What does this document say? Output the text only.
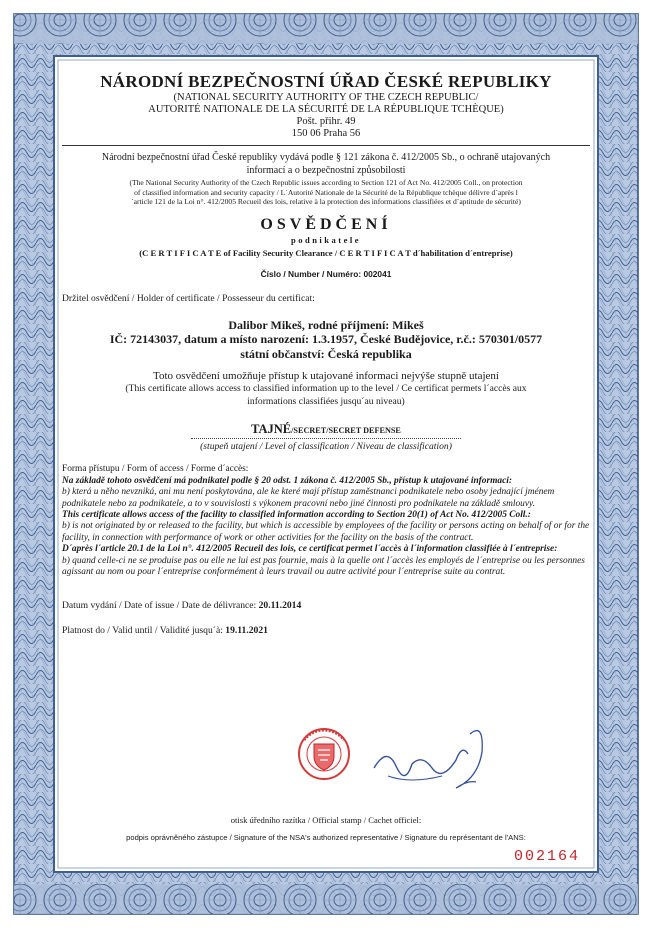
NÁRODNÍ BEZPEČNOSTNÍ ÚŘAD ČESKÉ REPUBLIKY
(NATIONAL SECURITY AUTHORITY OF THE CZECH REPUBLIC/
AUTORITÉ NATIONALE DE LA SÉCURITÉ DE LA RÉPUBLIQUE TCHÈQUE)
Pošt. přihr. 49
150 06 Praha 56
Národní bezpečnostní úřad České republiky vydává podle § 121 zákona č. 412/2005 Sb., o ochraně utajovaných
informací a o bezpečnostní způsobilosti
(The National Security Authority of the Czech Republic issues according to Section 121 of Act No. 412/2005 Coll., on protection
of classified information and security capacity / L´Autorité Nationale de la Sécurité de la République tchèque délivre d´après l
´article 121 de la Loi n°. 412/2005 Recueil des lois, relative à la protection des informations classifiées et d´aptitude de sécurité)
OSVĚDČENÍ
podnikatele
(C E R T I F I C A T E of Facility Security Clearance / C E R T I F I C A T d´habilitation d´entreprise)
Číslo / Number / Numéro: 002041
Držitel osvědčení / Holder of certificate / Possesseur du certificat:
Dalibor Mikeš, rodné příjmení: Mikeš
IČ: 72143037, datum a místo narození: 1.3.1957, České Budějovice, r.č.: 570301/0577
státní občanství: Česká republika
Toto osvědčení umožňuje přístup k utajované informaci nejvýše stupně utajení
(This certificate allows access to classified information up to the level / Ce certificat permets l´accès aux
informations classifiées jusqu´au niveau)
TAJNÉ/SECRET/SECRET DEFENSE
(stupeň utajení / Level of classification / Niveau de classification)
Forma přístupu / Form of access / Forme d´accès:
Na základě tohoto osvědčení má podnikatel podle § 20 odst. 1 zákona č. 412/2005 Sb., přístup k utajované informaci:
b) která u něho nevzniká, ani mu není poskytována, ale ke které mají přístup zaměstnanci podnikatele nebo osoby jednající jménem podnikatele nebo za podnikatele, a to v souvislosti s výkonem pracovní nebo jiné činnosti pro podnikatele na základě smlouvy.
This certificate allows access of the facility to classified information according to Section 20(1) of Act No. 412/2005 Coll.:
b) is not originated by or released to the facility, but which is accessible by employees of the facility or persons acting on behalf of or for the facility, in connection with performance of work or other activities for the facility on the basis of the contract.
D´après l´article 20.1 de la Loi n°. 412/2005 Recueil des lois, ce certificat permet l´accès à l´information classifiée à l´entreprise:
b) quand celle-ci ne se produise pas ou elle ne lui est pas fournie, mais à la quelle ont l´accès les employés de l´entreprise ou les personnes agissant au nom ou pour l´entreprise conformément à leurs travail ou autre activité pour l´entreprise suite au contrat.
Datum vydání / Date of issue / Date de délivrance: 20.11.2014
Platnost do / Valid until / Validité jusqu´à: 19.11.2021
otisk úředního razítka / Official stamp / Cachet officiel:
podpis oprávněného zástupce / Signature of the NSA's authorized representative / Signature du représentant de l'ANS:
002164
